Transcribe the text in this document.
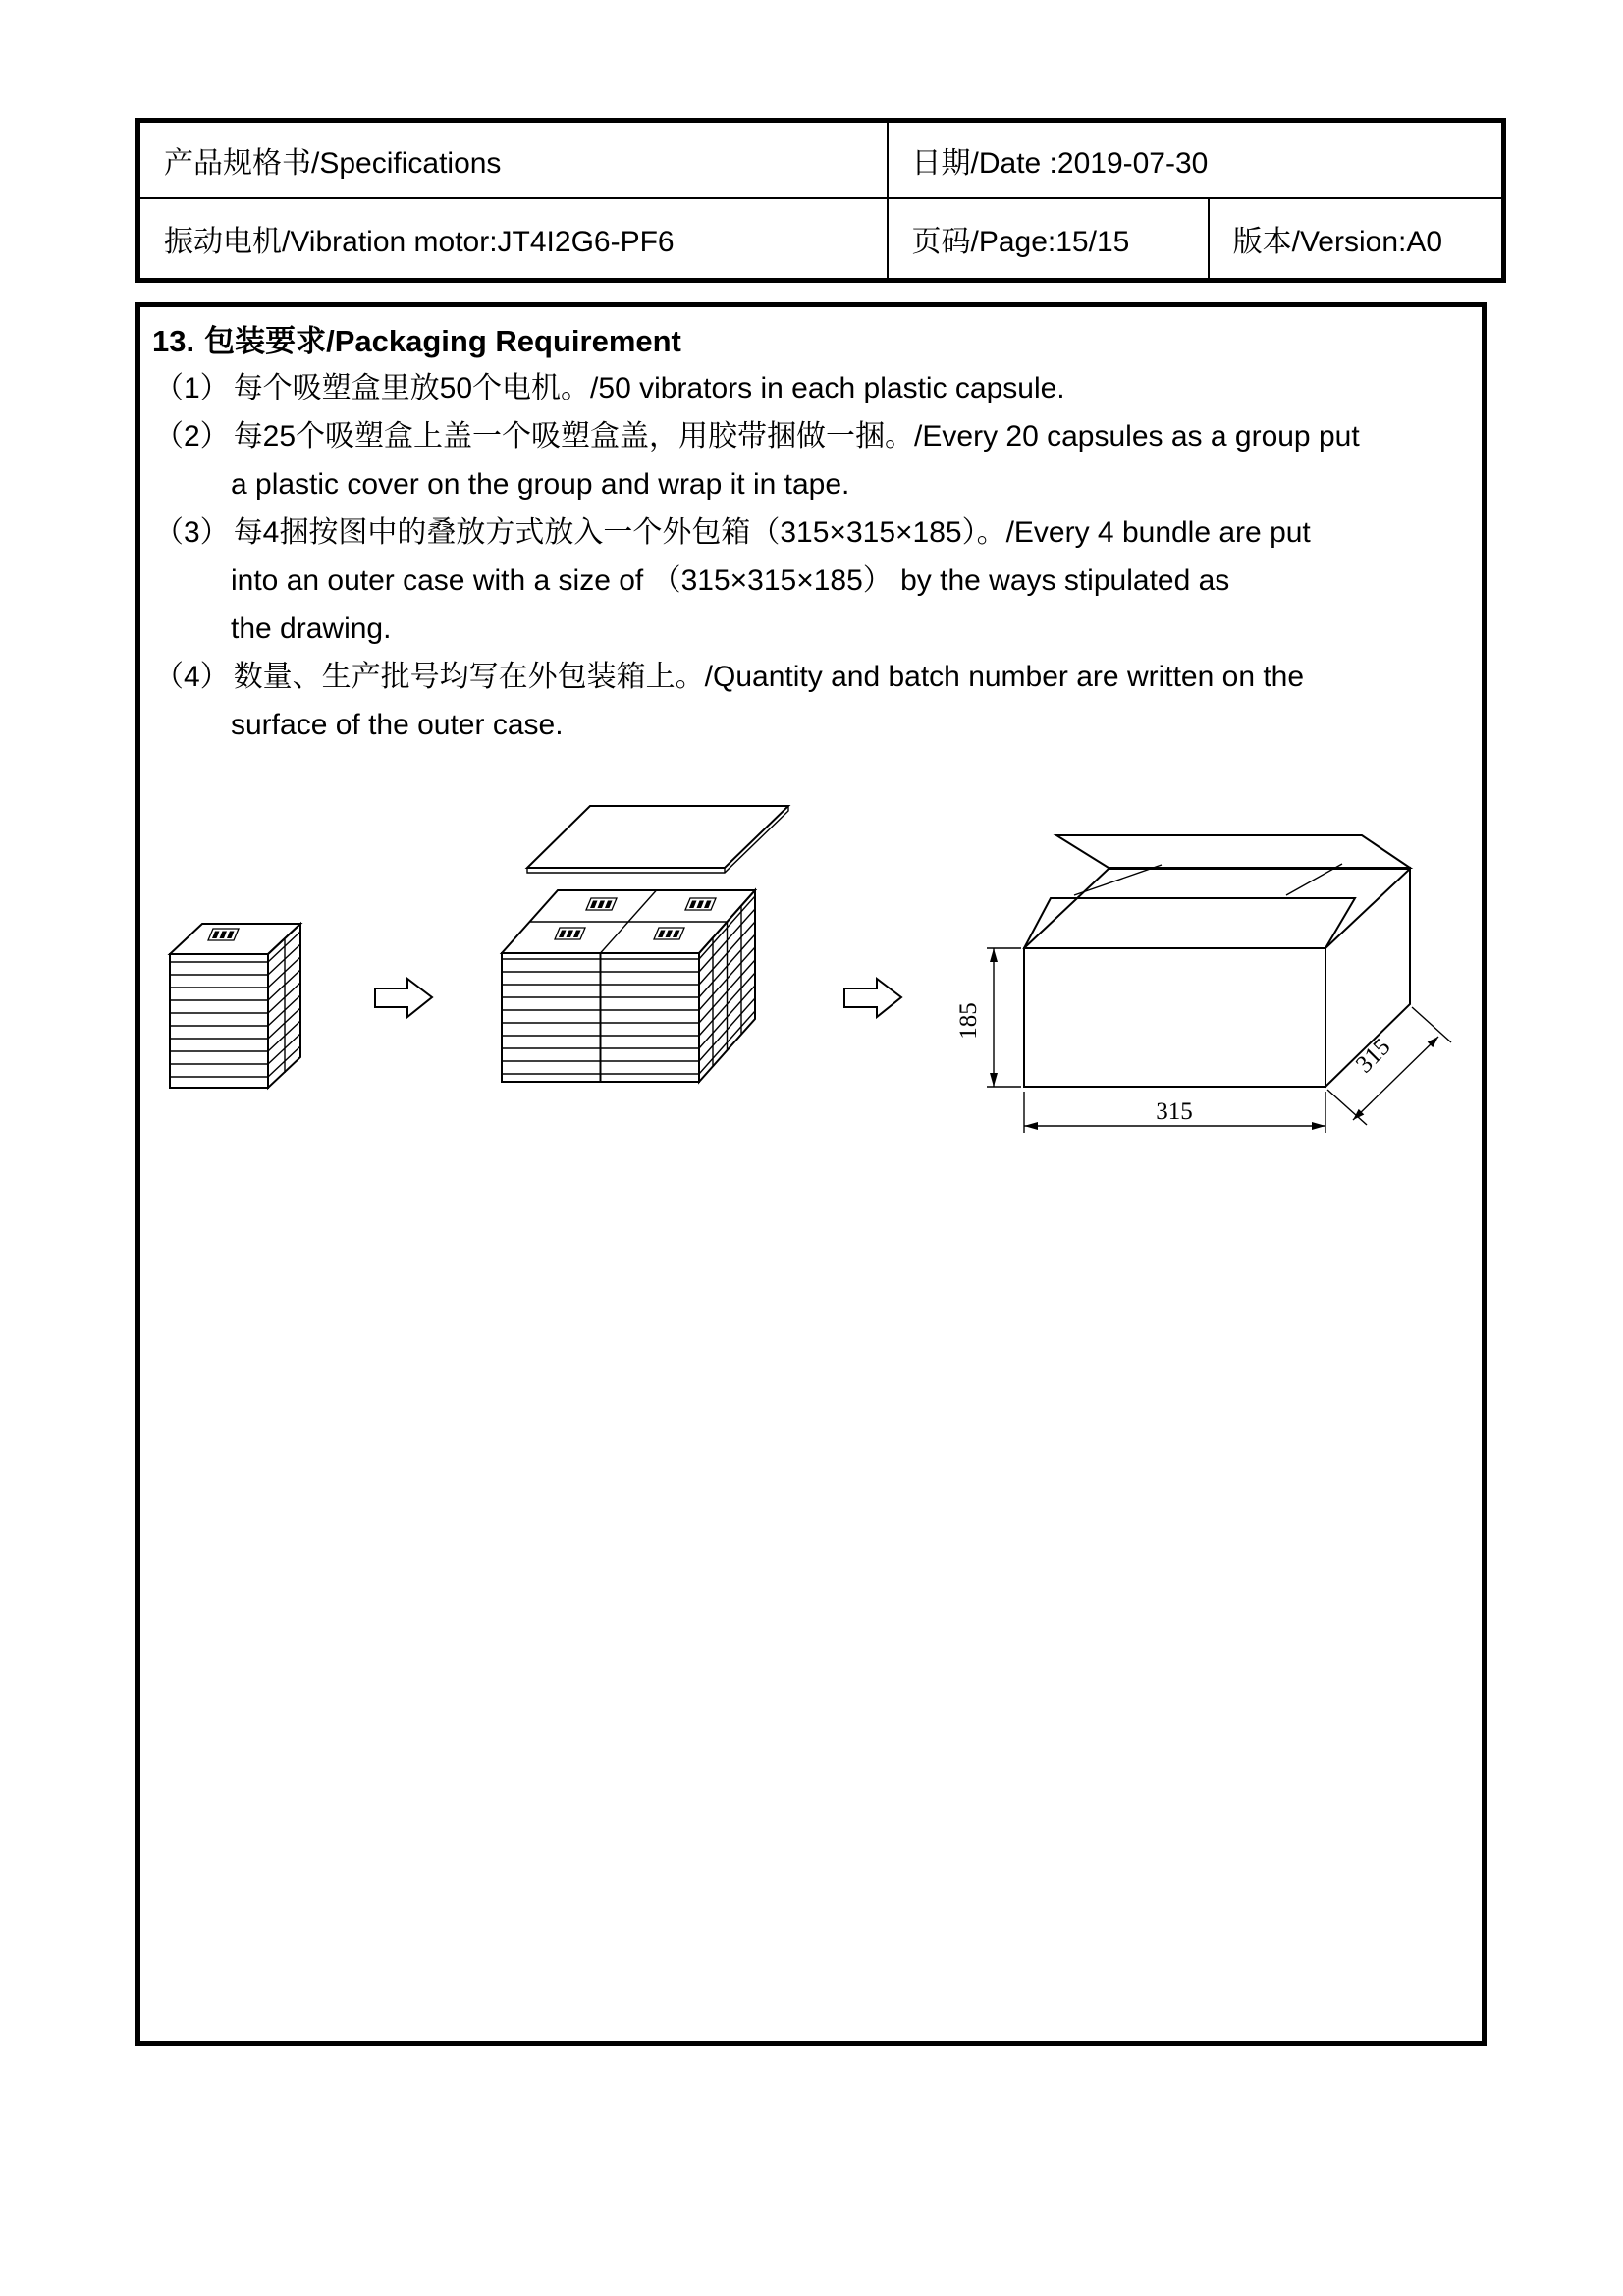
产品规格书/Specifications	日期/Date :2019-07-30
振动电机/Vibration motor:JT4I2G6-PF6	页码/Page:15/15	版本/Version:A0
13. 包装要求/Packaging Requirement
（1） 每个吸塑盒里放50个电机。/50 vibrators in each plastic capsule.
（2） 每25个吸塑盒上盖一个吸塑盒盖，用胶带捆做一捆。/Every 20 capsules as a group put
a plastic cover on the group and wrap it in tape.
（3） 每4捆按图中的叠放方式放入一个外包箱（315×315×185）。/Every 4 bundle are put
into an outer case with a size of （315×315×185） by the ways stipulated as
the drawing.
（4） 数量、生产批号均写在外包装箱上。/Quantity and batch number are written on the
surface of the outer case.
185
315
315
